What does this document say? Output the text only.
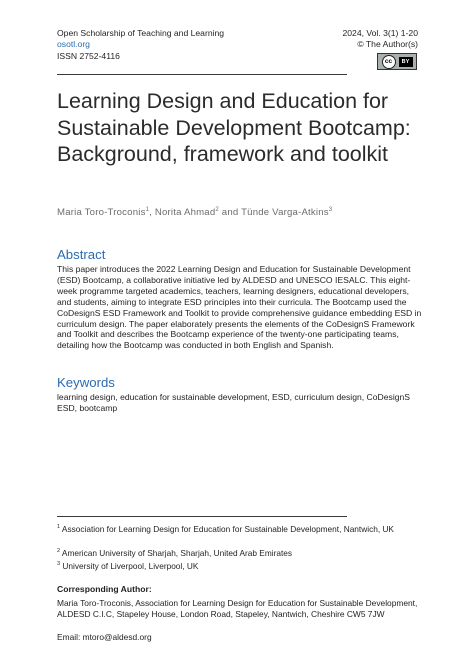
Open Scholarship of Teaching and Learning
osotl.org
ISSN 2752-4116
2024, Vol. 3(1) 1-20
© The Author(s)
cc	BY
Learning Design and Education for Sustainable Development Bootcamp: Background, framework and toolkit
Maria Toro-Troconis$^1$, Norita Ahmad$^2$ and Tünde Varga-Atkins$^3$
Abstract
This paper introduces the 2022 Learning Design and Education for Sustainable Development (ESD) Bootcamp, a collaborative initiative led by ALDESD and UNESCO IESALC. This eight-week programme targeted academics, teachers, learning designers, educational developers, and students, aiming to integrate ESD principles into their curricula. The Bootcamp used the CoDesignS ESD Framework and Toolkit to provide comprehensive guidance embedding ESD in curriculum design. The paper elaborately presents the elements of the CoDesignS Framework and Toolkit and describes the Bootcamp experience of the twenty-one participating teams, detailing how the Bootcamp was conducted in both English and Spanish.
Keywords
learning design, education for sustainable development, ESD, curriculum design, CoDesignS ESD, bootcamp
$^1$ Association for Learning Design for Education for Sustainable Development, Nantwich, UK
$^2$ American University of Sharjah, Sharjah, United Arab Emirates
$^3$ University of Liverpool, Liverpool, UK
Corresponding Author:
Maria Toro-Troconis, Association for Learning Design for Education for Sustainable Development, ALDESD C.I.C, Stapeley House, London Road, Stapeley, Nantwich, Cheshire CW5 7JW
Email: mtoro@aldesd.org
